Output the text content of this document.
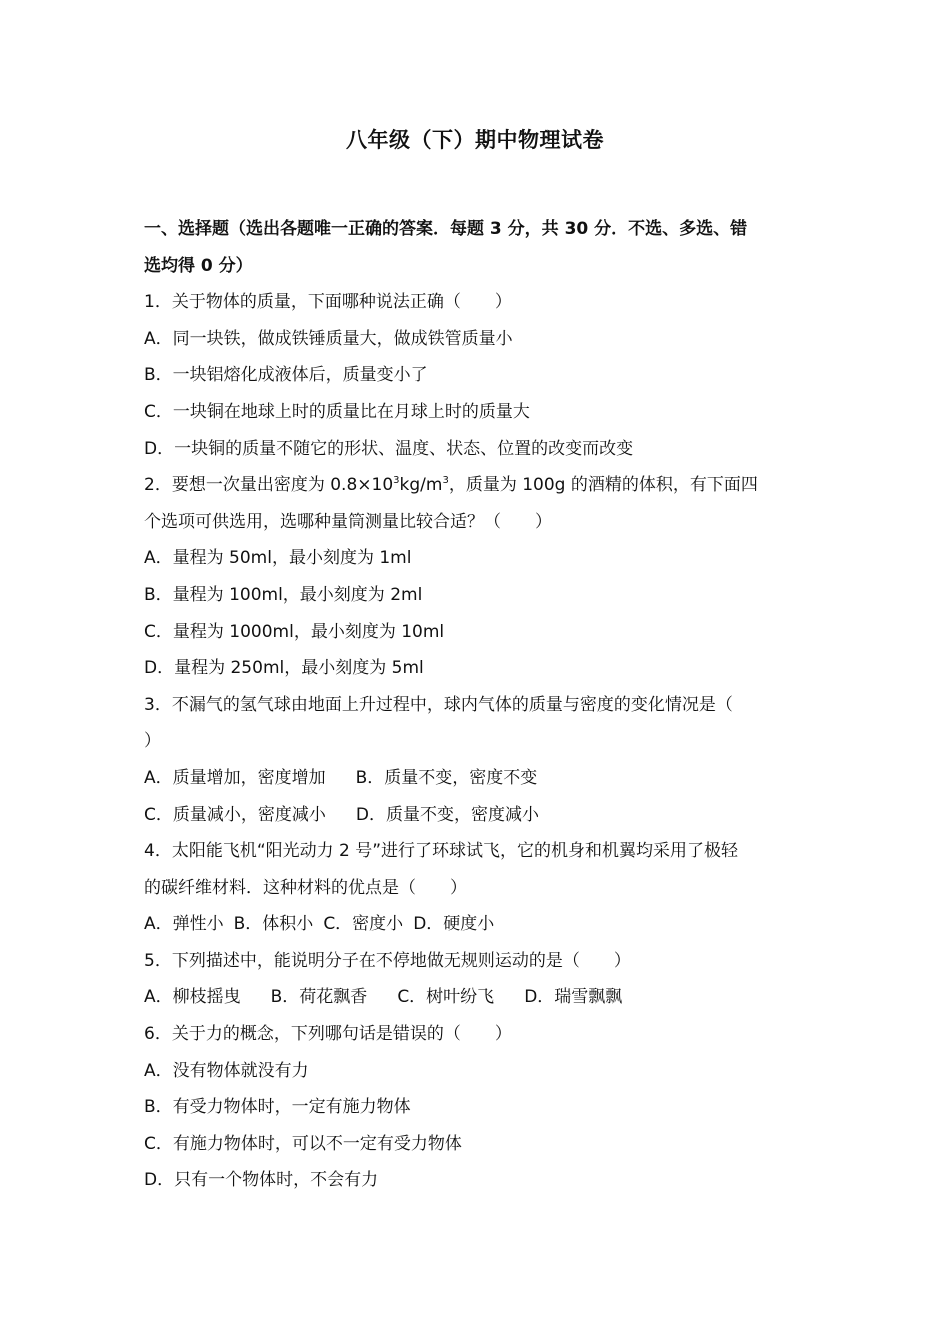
八年级（下）期中物理试卷
一、选择题（选出各题唯一正确的答案．每题 3 分，共 30 分．不选、多选、错
选均得 0 分）
1．关于物体的质量，下面哪种说法正确（　　）
A．同一块铁，做成铁锤质量大，做成铁管质量小
B．一块铝熔化成液体后，质量变小了
C．一块铜在地球上时的质量比在月球上时的质量大
D．一块铜的质量不随它的形状、温度、状态、位置的改变而改变
2．要想一次量出密度为 $0.8\times 10^3kg/m^3$，质量为 100g 的酒精的体积，有下面四
个选项可供选用，选哪种量筒测量比较合适？（　　）
A．量程为 50ml，最小刻度为 1ml
B．量程为 100ml，最小刻度为 2ml
C．量程为 1000ml，最小刻度为 10ml
D．量程为 250ml，最小刻度为 5ml
3．不漏气的氢气球由地面上升过程中，球内气体的质量与密度的变化情况是（
）
A．质量增加，密度增加 B．质量不变，密度不变
C．质量减小，密度减小 D．质量不变，密度减小
4．太阳能飞机“阳光动力 2 号”进行了环球试飞，它的机身和机翼均采用了极轻
的碳纤维材料．这种材料的优点是（　　）
A．弹性小 B．体积小 C．密度小 D．硬度小
5．下列描述中，能说明分子在不停地做无规则运动的是（　　）
A．柳枝摇曳 B．荷花飘香 C．树叶纷飞 D．瑞雪飘飘
6．关于力的概念，下列哪句话是错误的（　　）
A．没有物体就没有力
B．有受力物体时，一定有施力物体
C．有施力物体时，可以不一定有受力物体
D．只有一个物体时，不会有力
